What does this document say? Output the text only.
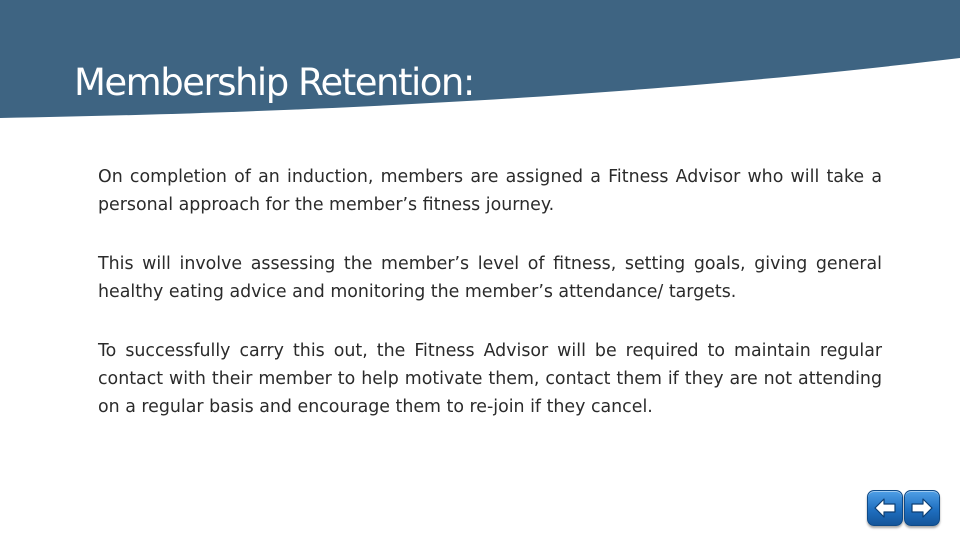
Membership Retention:

On completion of an induction, members are assigned a Fitness Advisor who will take a personal approach for the member’s fitness journey.

This will involve assessing the member’s level of fitness, setting goals, giving general healthy eating advice and monitoring the member’s attendance/ targets.

To successfully carry this out, the Fitness Advisor will be required to maintain regular contact with their member to help motivate them, contact them if they are not attending on a regular basis and encourage them to re-join if they cancel.
